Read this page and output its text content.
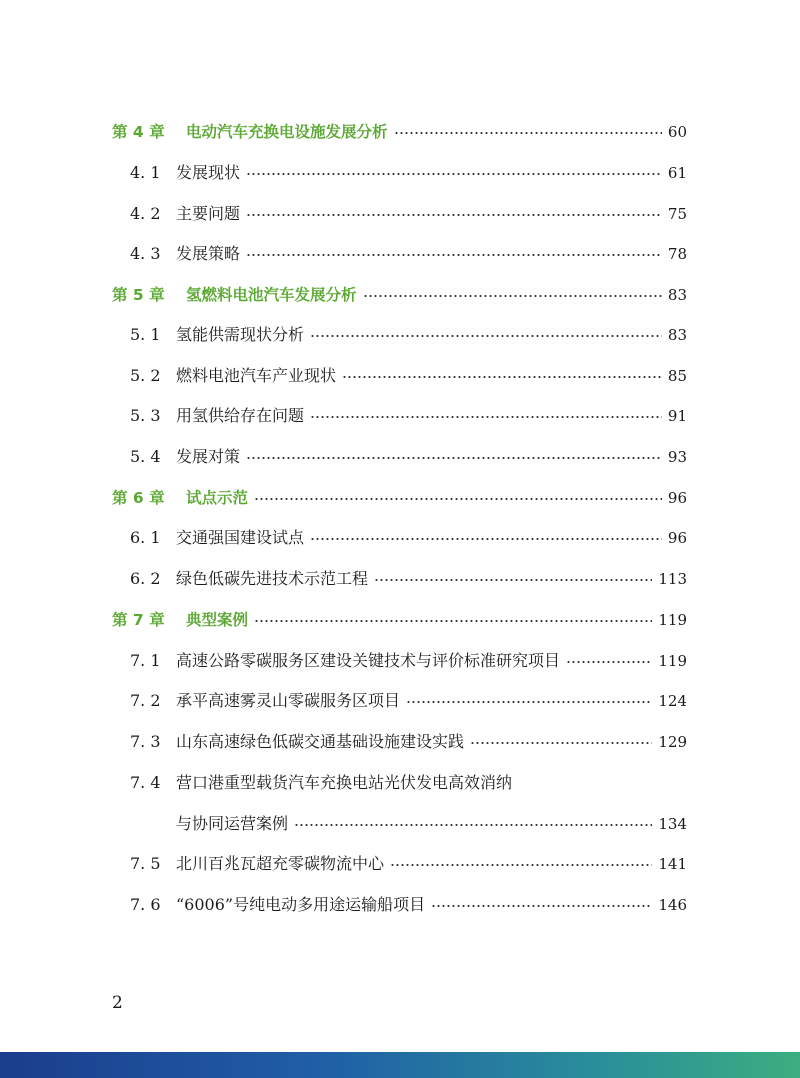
第 4 章	电动汽车充换电设施发展分析	60
4. 1 发展现状	61
4. 2 主要问题	75
4. 3 发展策略	78
第 5 章	氢燃料电池汽车发展分析	83
5. 1 氢能供需现状分析	83
5. 2 燃料电池汽车产业现状	85
5. 3 用氢供给存在问题	91
5. 4 发展对策	93
第 6 章	试点示范	96
6. 1 交通强国建设试点	96
6. 2 绿色低碳先进技术示范工程	113
第 7 章	典型案例	119
7. 1 高速公路零碳服务区建设关键技术与评价标准研究项目	119
7. 2 承平高速雾灵山零碳服务区项目	124
7. 3 山东高速绿色低碳交通基础设施建设实践	129
7. 4 营口港重型载货汽车充换电站光伏发电高效消纳
与协同运营案例	134
7. 5 北川百兆瓦超充零碳物流中心	141
7. 6 “6006”号纯电动多用途运输船项目	146
2
